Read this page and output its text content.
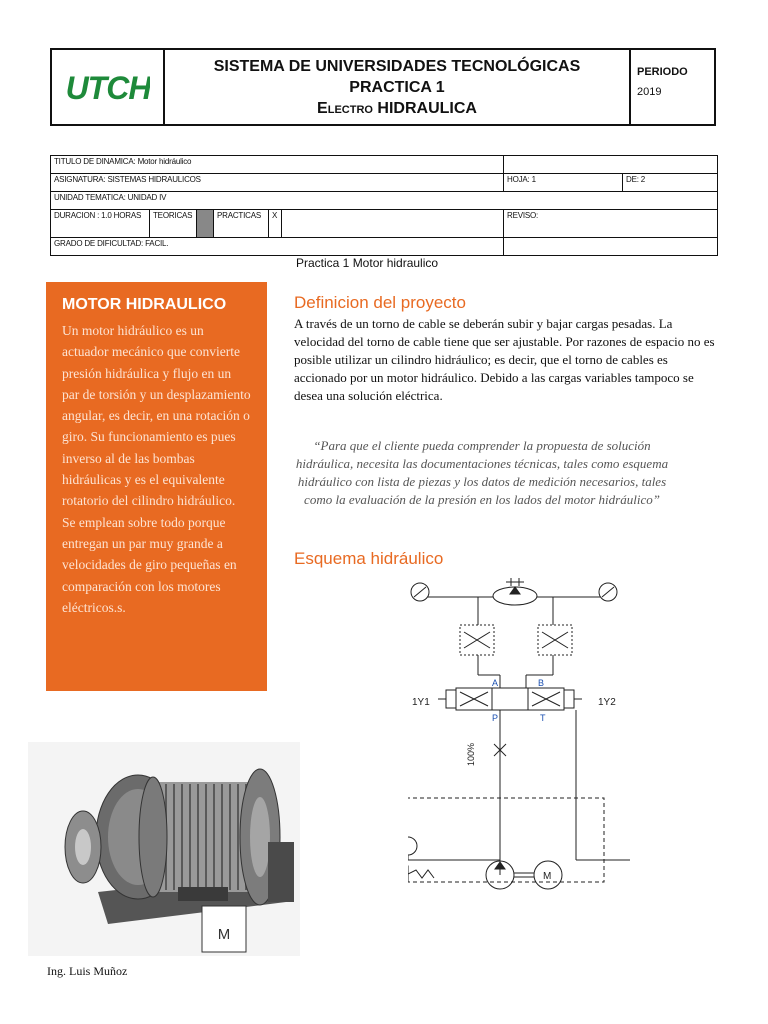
UTCH
SISTEMA DE UNIVERSIDADES TECNOLÓGICAS
PRACTICA 1
Electro HIDRAULICA
PERIODO
2019
TITULO DE DINAMICA: Motor hidráulico							
ASIGNATURA: SISTEMAS HIDRAULICOS						HOJA: 1	DE: 2
UNIDAD TEMATICA: UNIDAD IV							
DURACION : 1.0 HORAS	TEORICAS		PRACTICAS	X		REVISO:	
GRADO DE DIFICULTAD: FACIL.							
Practica 1 Motor hidraulico
MOTOR HIDRAULICO

Un motor hidráulico es un actuador mecánico que convierte presión hidráulica y flujo en un par de torsión y un desplazamiento angular, es decir, en una rotación o giro. Su funcionamiento es pues inverso al de las bombas hidráulicas y es el equivalente rotatorio del cilindro hidráulico. Se emplean sobre todo porque entregan un par muy grande a velocidades de giro pequeñas en comparación con los motores eléctricos.s.

Definicion del proyecto
A través de un torno de cable se deberán subir y bajar cargas pesadas. La velocidad del torno de cable tiene que ser ajustable. Por razones de espacio no es posible utilizar un cilindro hidráulico; es decir, que el torno de cables es accionado por un motor hidráulico. Debido a las cargas variables tampoco se desea una solución eléctrica.
“Para que el cliente pueda comprender la propuesta de solución hidráulica, necesita las documentaciones técnicas, tales como esquema hidráulico con lista de piezas y los datos de medición necesarios, tales como la evaluación de la presión en los lados del motor hidráulico”
Esquema hidráulico
M
Ing. Luis Muñoz
1Y1	1Y2
A	B
P	T
100%
M
